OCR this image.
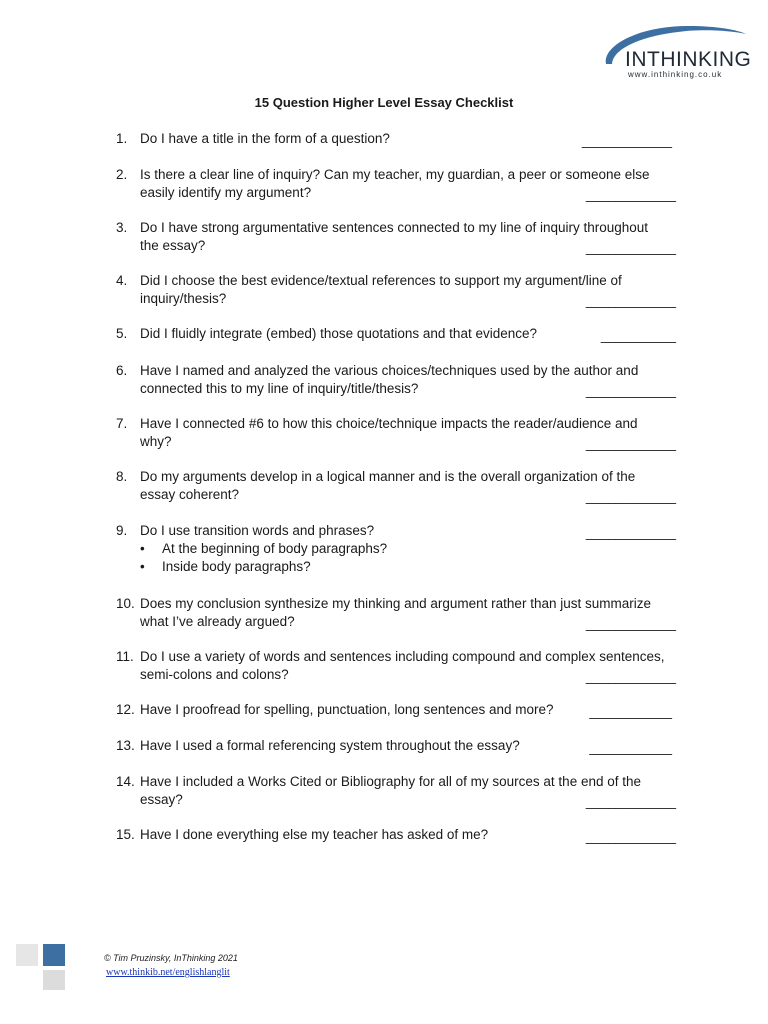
INTHINKING
www.inthinking.co.uk
15 Question Higher Level Essay Checklist
1. Do I have a title in the form of a question?	____________
2. Is there a clear line of inquiry? Can my teacher, my guardian, a peer or someone else easily identify my argument?	____________
3. Do I have strong argumentative sentences connected to my line of inquiry throughout the essay?	____________
4. Did I choose the best evidence/textual references to support my argument/line of inquiry/thesis?	____________
5. Did I fluidly integrate (embed) those quotations and that evidence?	__________
6. Have I named and analyzed the various choices/techniques used by the author and connected this to my line of inquiry/title/thesis?	____________
7. Have I connected #6 to how this choice/technique impacts the reader/audience and why?	____________
8. Do my arguments develop in a logical manner and is the overall organization of the essay coherent?	____________
9. Do I use transition words and phrases?
• At the beginning of body paragraphs?
• Inside body paragraphs?
____________
10. Does my conclusion synthesize my thinking and argument rather than just summarize what I’ve already argued?	____________
11. Do I use a variety of words and sentences including compound and complex sentences, semi-colons and colons?	____________
12. Have I proofread for spelling, punctuation, long sentences and more?	___________
13. Have I used a formal referencing system throughout the essay?	___________
14. Have I included a Works Cited or Bibliography for all of my sources at the end of the essay?	____________
15. Have I done everything else my teacher has asked of me?	____________
© Tim Pruzinsky, InThinking 2021
www.thinkib.net/englishlanglit
